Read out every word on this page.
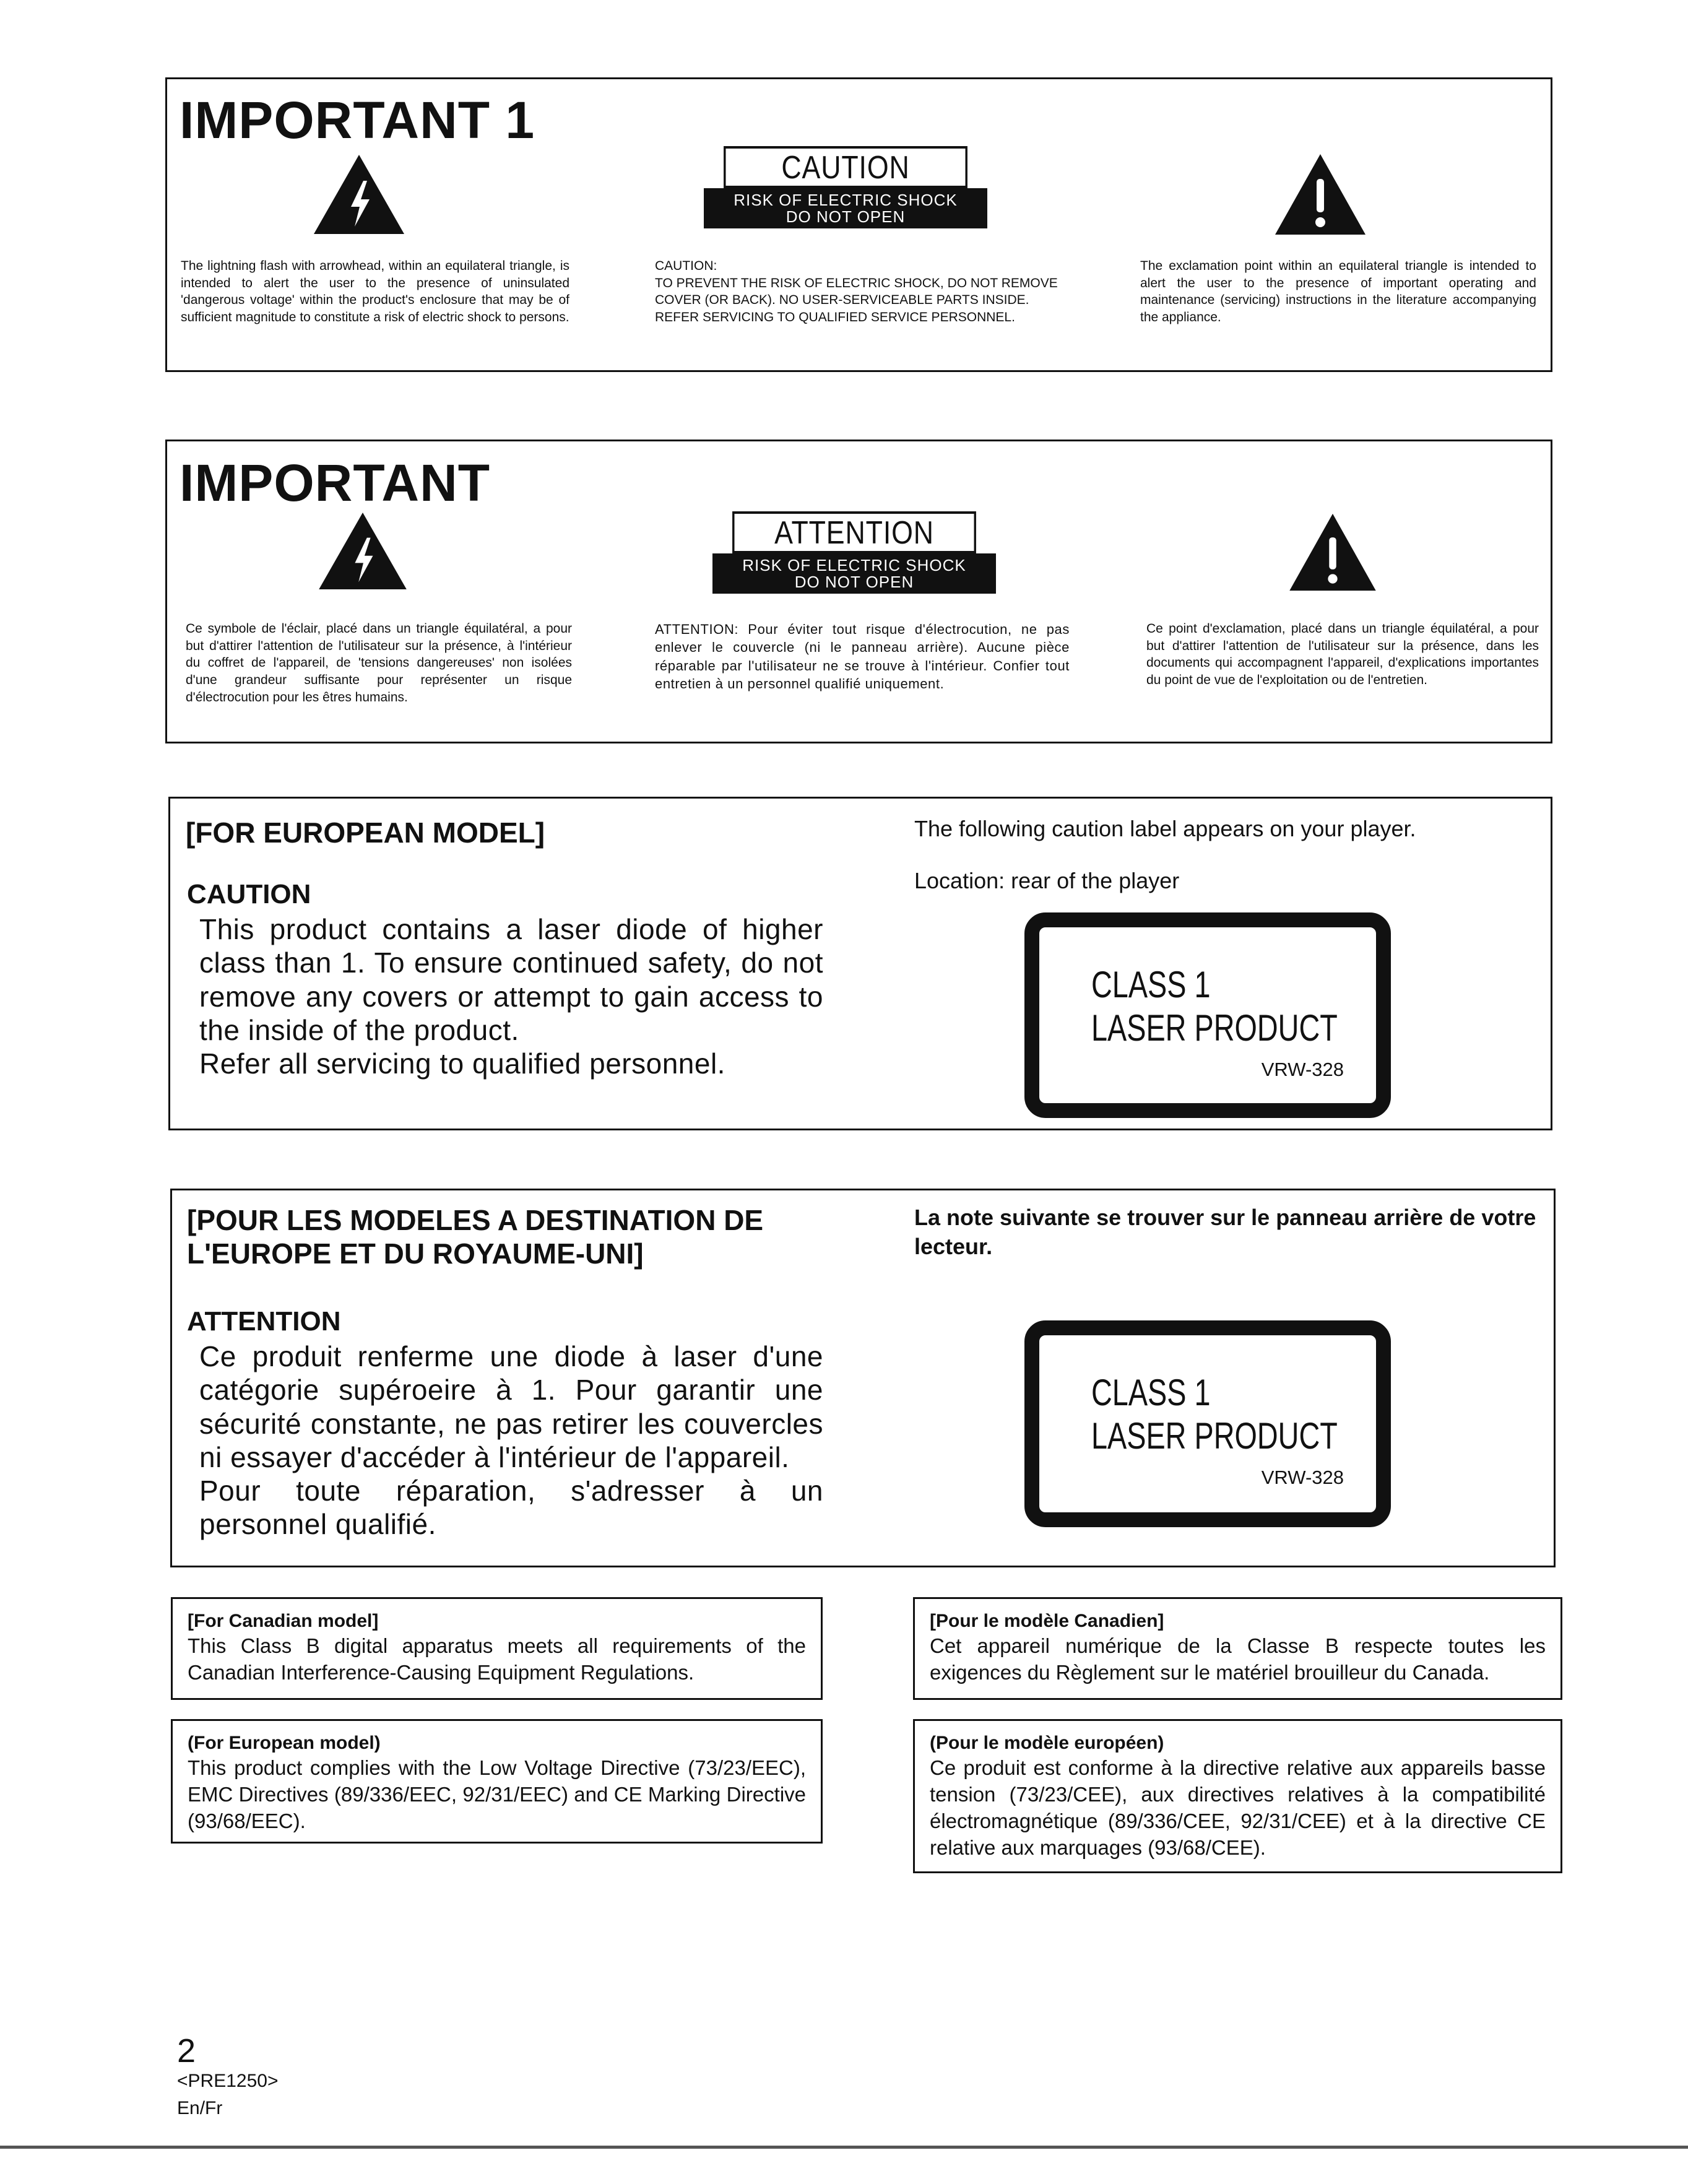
IMPORTANT 1
CAUTION
RISK OF ELECTRIC SHOCK
DO NOT OPEN
The lightning flash with arrowhead, within an equilateral triangle, is intended to alert the user to the presence of uninsulated 'dangerous voltage' within the product's enclosure that may be of sufficient magnitude to constitute a risk of electric shock to persons.
CAUTION:
TO PREVENT THE RISK OF ELECTRIC SHOCK, DO NOT REMOVE COVER (OR BACK). NO USER-SERVICEABLE PARTS INSIDE. REFER SERVICING TO QUALIFIED SERVICE PERSONNEL.
The exclamation point within an equilateral triangle is intended to alert the user to the presence of important operating and maintenance (servicing) instructions in the literature accompanying the appliance.
IMPORTANT
ATTENTION
RISK OF ELECTRIC SHOCK
DO NOT OPEN
Ce symbole de l'éclair, placé dans un triangle équilatéral, a pour but d'attirer l'attention de l'utilisateur sur la présence, à l'intérieur du coffret de l'appareil, de 'tensions dangereuses' non isolées d'une grandeur suffisante pour représenter un risque d'électrocution pour les êtres humains.
ATTENTION: Pour éviter tout risque d'électrocution, ne pas enlever le couvercle (ni le panneau arrière). Aucune pièce réparable par l'utilisateur ne se trouve à l'intérieur. Confier tout entretien à un personnel qualifié uniquement.
Ce point d'exclamation, placé dans un triangle équilatéral, a pour but d'attirer l'attention de l'utilisateur sur la présence, dans les documents qui accompagnent l'appareil, d'explications importantes du point de vue de l'exploitation ou de l'entretien.
[FOR EUROPEAN MODEL]
CAUTION
This product contains a laser diode of higher class than 1. To ensure continued safety, do not remove any covers or attempt to gain access to the inside of the product.
Refer all servicing to qualified personnel.
The following caution label appears on your player.
Location: rear of the player
CLASS 1
LASER PRODUCT
VRW-328
[POUR LES MODELES A DESTINATION DE L'EUROPE ET DU ROYAUME-UNI]
ATTENTION
Ce produit renferme une diode à laser d'une catégorie supéroeire à 1. Pour garantir une sécurité constante, ne pas retirer les couvercles ni essayer d'accéder à l'intérieur de l'appareil.
Pour toute réparation, s'adresser à un personnel qualifié.
La note suivante se trouver sur le panneau arrière de votre lecteur.
CLASS 1
LASER PRODUCT
VRW-328
[For Canadian model]
This Class B digital apparatus meets all requirements of the Canadian Interference-Causing Equipment Regulations.
[Pour le modèle Canadien]
Cet appareil numérique de la Classe B respecte toutes les exigences du Règlement sur le matériel brouilleur du Canada.
(For European model)
This product complies with the Low Voltage Directive (73/23/EEC), EMC Directives (89/336/EEC, 92/31/EEC) and CE Marking Directive (93/68/EEC).
(Pour le modèle européen)
Ce produit est conforme à la directive relative aux appareils basse tension (73/23/CEE), aux directives relatives à la compatibilité électromagnétique (89/336/CEE, 92/31/CEE) et à la directive CE relative aux marquages (93/68/CEE).
2
<PRE1250>
En/Fr
